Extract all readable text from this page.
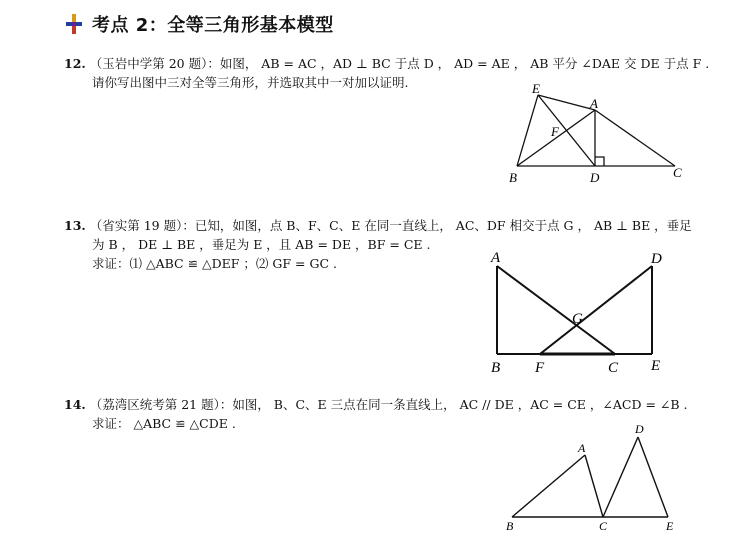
考点 2：全等三角形基本模型
12. （玉岩中学第 20 题）：如图， AB = AC ，AD ⊥ BC 于点 D ， AD = AE ， AB 平分 ∠DAE 交 DE 于点 F .
请你写出图中三对全等三角形，并选取其中一对加以证明.	E
A
F
B	D	C
13. （省实第 19 题）：已知，如图，点 B、F、C、E 在同一直线上， AC、DF 相交于点 G ， AB ⊥ BE ，垂足
为 B ， DE ⊥ BE ，垂足为 E ，且 AB = DE ，BF = CE .
求证：⑴ △ABC ≌ △DEF ；⑵ GF = GC .	A	D
G
B F	C E
14. （荔湾区统考第 21 题）：如图， B、C、E 三点在同一条直线上， AC // DE ，AC = CE ，∠ACD = ∠B .
求证： △ABC ≌ △CDE .	D
A
B	C	E
